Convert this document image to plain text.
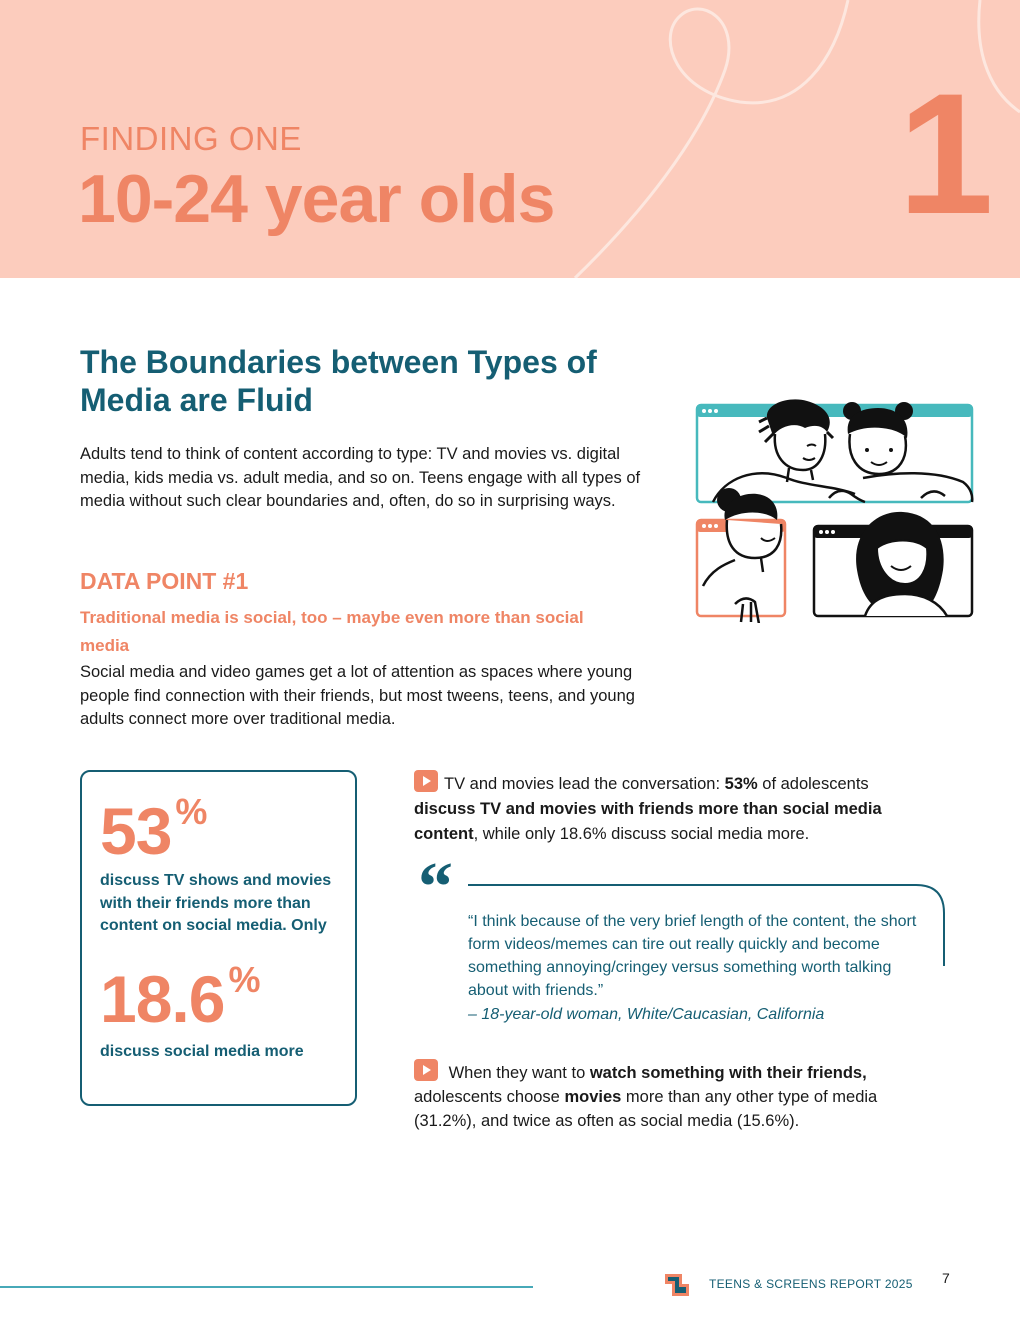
FINDING ONE
10-24 year olds 1
The Boundaries between Types of Media are Fluid

Adults tend to think of content according to type: TV and movies vs. digital media, kids media vs. adult media, and so on. Teens engage with all types of media without such clear boundaries and, often, do so in surprising ways.

DATA POINT #1
Traditional media is social, too – maybe even more than social media

Social media and video games get a lot of attention as spaces where young people find connection with their friends, but most tweens, teens, and young adults connect more over traditional media.

53 %
discuss TV shows and movies with their friends more than content on social media. Only
18.6 %
discuss social media more

TV and movies lead the conversation: 53% of adolescents discuss TV and movies with friends more than social media content, while only 18.6% discuss social media more.

“ “I think because of the very brief length of the content, the short form videos/memes can tire out really quickly and become something annoying/cringey versus something worth talking about with friends.”

– 18-year-old woman, White/Caucasian, California

When they want to watch something with their friends, adolescents choose movies more than any other type of media (31.2%), and twice as often as social media (15.6%).

TEENS & SCREENS REPORT 2025 7
